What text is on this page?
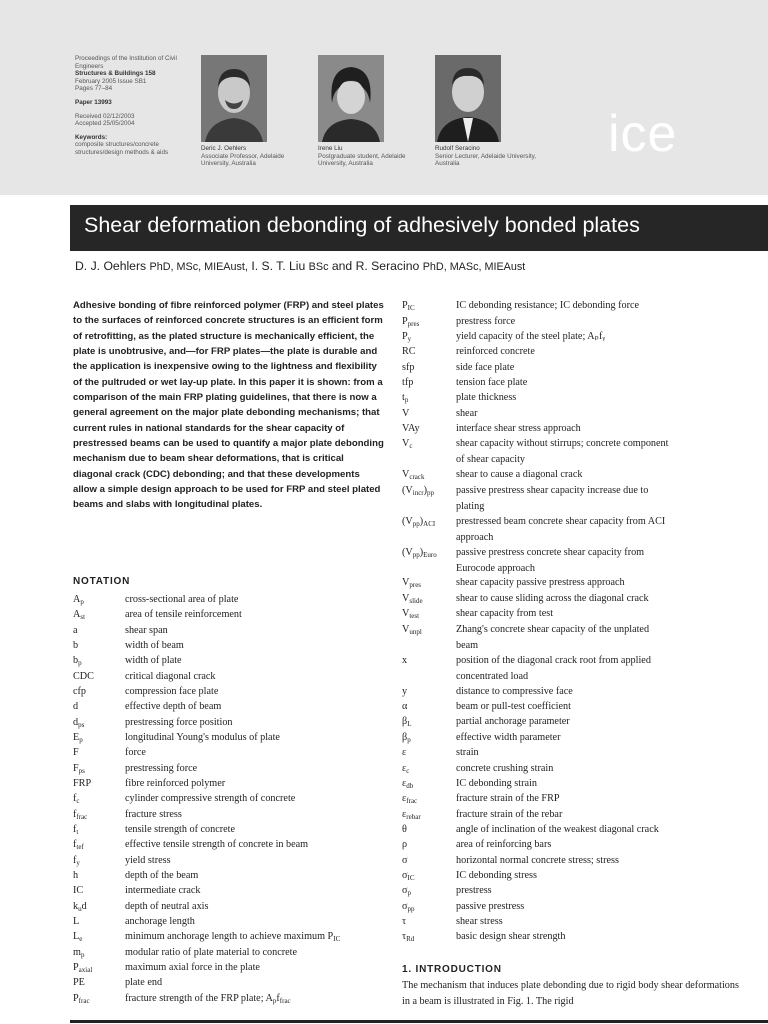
Proceedings of the Institution of Civil Engineers
Structures & Buildings 158
February 2005 Issue SB1
Pages 77–84
Paper 13993
Received 02/12/2003
Accepted 25/05/2004
Keywords:
composite structures/concrete structures/design methods & aids
Deric J. Oehlers
Associate Professor, Adelaide University, Australia
Irene Liu
Postgraduate student, Adelaide University, Australia
Rudolf Seracino
Senior Lecturer, Adelaide University, Australia
ice
Shear deformation debonding of adhesively bonded plates
D. J. Oehlers PhD, MSc, MIEAust, I. S. T. Liu BSc and R. Seracino PhD, MASc, MIEAust

Adhesive bonding of fibre reinforced polymer (FRP) and steel plates to the surfaces of reinforced concrete structures is an efficient form of retrofitting, as the plated structure is mechanically efficient, the plate is unobtrusive, and—for FRP plates—the plate is durable and the application is inexpensive owing to the lightness and flexibility of the pultruded or wet lay-up plate. In this paper it is shown: from a comparison of the main FRP plating guidelines, that there is now a general agreement on the major plate debonding mechanisms; that current rules in national standards for the shear capacity of prestressed beams can be used to quantify a major plate debonding mechanism due to beam shear deformations, that is critical diagonal crack (CDC) debonding; and that these developments allow a simple design approach to be used for FRP and steel plated beams and slabs with longitudinal plates.

NOTATION
$A_p$	cross-sectional area of plate
$A_{st}$	area of tensile reinforcement
a	shear span
b	width of beam
$b_p$	width of plate
CDC	critical diagonal crack
cfp	compression face plate
d	effective depth of beam
$d_{ps}$	prestressing force position
$E_p$	longitudinal Young's modulus of plate
F	force
$F_{ps}$	prestressing force
FRP	fibre reinforced polymer
$f_c$	cylinder compressive strength of concrete
$f_{frac}$	fracture stress
$f_t$	tensile strength of concrete
$f_{tef}$	effective tensile strength of concrete in beam
$f_y$	yield stress
h	depth of the beam
IC	intermediate crack
$k_ud$	depth of neutral axis
L	anchorage length
$L_e$	minimum anchorage length to achieve maximum $P_{IC}$
$m_p$	modular ratio of plate material to concrete
$P_{axial}$	maximum axial force in the plate
PE	plate end
$P_{frac}$	fracture strength of the FRP plate; $A_pf_{frac}$
$P_{IC}$	IC debonding resistance; IC debonding force
$P_{pres}$	prestress force
$P_y$	yield capacity of the steel plate; Aₚfᵧ
RC	reinforced concrete
sfp	side face plate
tfp	tension face plate
$t_p$	plate thickness
V	shear
VAy	interface shear stress approach
$V_c$	shear capacity without stirrups; concrete component
of shear capacity
$V_{crack}$	shear to cause a diagonal crack
$(V_{incr})_{pp}$ passive prestress shear capacity increase due to
plating
$(V_{pp})_{ACI}$ prestressed beam concrete shear capacity from ACI
approach
$(V_{pp})_{Euro}$ passive prestress concrete shear capacity from
Eurocode approach
$V_{pres}$	shear capacity passive prestress approach
$V_{slide}$	shear to cause sliding across the diagonal crack
$V_{test}$	shear capacity from test
$V_{unpl}$	Zhang's concrete shear capacity of the unplated
beam
x	position of the diagonal crack root from applied
concentrated load
y	distance to compressive face
α	beam or pull-test coefficient
$\beta_L$	partial anchorage parameter
$\beta_p$	effective width parameter
ε	strain
$\varepsilon_c$	concrete crushing strain
$\varepsilon_{db}$	IC debonding strain
$\varepsilon_{frac}$	fracture strain of the FRP
$\varepsilon_{rebar}$	fracture strain of the rebar
θ	angle of inclination of the weakest diagonal crack
ρ	area of reinforcing bars
σ	horizontal normal concrete stress; stress
$\sigma_{IC}$	IC debonding stress
$\sigma_p$	prestress
$\sigma_{pp}$	passive prestress
τ	shear stress
$\tau_{Rd}$	basic design shear strength
1. INTRODUCTION

The mechanism that induces plate debonding due to rigid body shear deformations in a beam is illustrated in Fig. 1. The rigid
